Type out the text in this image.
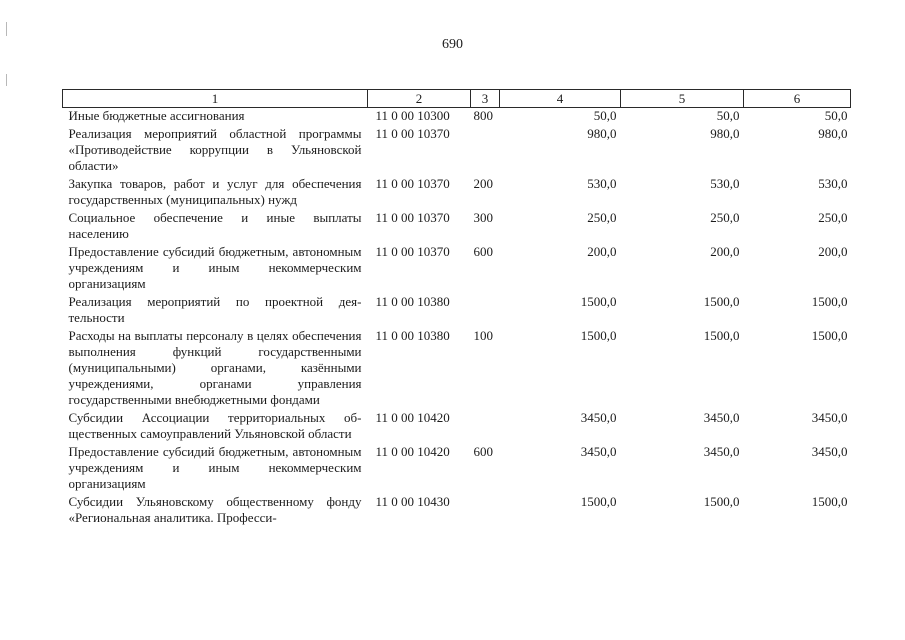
690
1	2	3	4	5	6
Иные бюджетные ассигнования	11 0 00 10300	800	50,0	50,0	50,0
Реализация мероприятий областной программы «Противодействие коррупции в Ульяновской области»	11 0 00 10370		980,0	980,0	980,0
Закупка товаров, работ и услуг для обеспечения государственных (муниципальных) нужд	11 0 00 10370	200	530,0	530,0	530,0
Социальное обеспечение и иные выплаты населению	11 0 00 10370	300	250,0	250,0	250,0
Предоставление субсидий бюджетным, автономным учреждениям и иным некоммерческим организациям	11 0 00 10370	600	200,0	200,0	200,0
Реализация мероприятий по проектной деятельности	11 0 00 10380		1500,0	1500,0	1500,0
Расходы на выплаты персоналу в целях обеспечения выполнения функций государственными (муниципальными) органами, казёнными учреждениями, органами управления государственными внебюджетными фондами	11 0 00 10380	100	1500,0	1500,0	1500,0
Субсидии Ассоциации территориальных общественных самоуправлений Ульяновской области	11 0 00 10420		3450,0	3450,0	3450,0
Предоставление субсидий бюджетным, автономным учреждениям и иным некоммерческим организациям	11 0 00 10420	600	3450,0	3450,0	3450,0
Субсидии Ульяновскому общественному фонду «Региональная аналитика. Професси-	11 0 00 10430		1500,0	1500,0	1500,0
